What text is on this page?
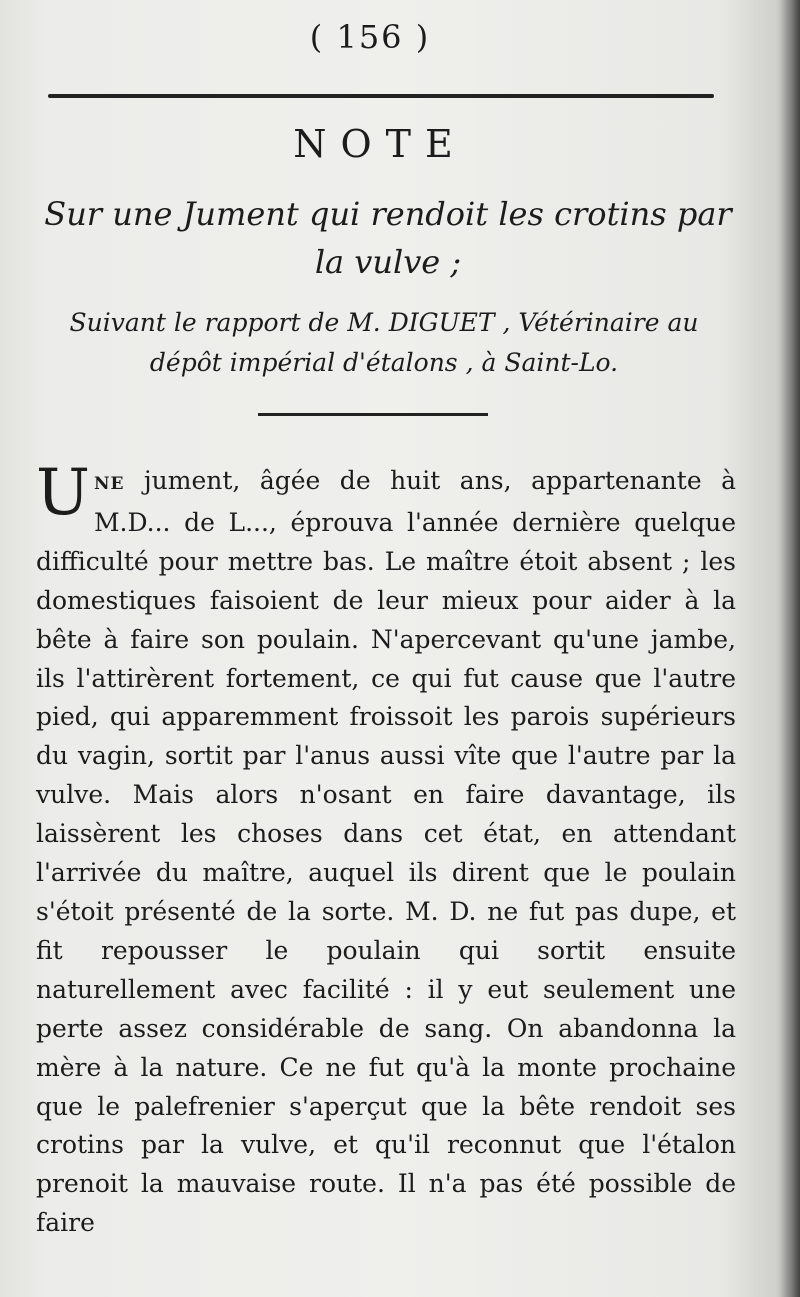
( 156 )
NOTE
Sur une Jument qui rendoit les crotins par
la vulve ;
Suivant le rapport de M. DIGUET , Vétérinaire au
dépôt impérial d'étalons , à Saint-Lo.
UNE jument, âgée de huit ans, appartenante à M.D... de L..., éprouva l'année dernière quelque difficulté pour mettre bas. Le maître étoit absent ; les domestiques faisoient de leur mieux pour aider à la bête à faire son poulain. N'apercevant qu'une jambe, ils l'attirèrent fortement, ce qui fut cause que l'autre pied, qui apparemment froissoit les parois supérieurs du vagin, sortit par l'anus aussi vîte que l'autre par la vulve. Mais alors n'osant en faire davantage, ils laissèrent les choses dans cet état, en attendant l'arrivée du maître, auquel ils dirent que le poulain s'étoit présenté de la sorte. M. D. ne fut pas dupe, et fit repousser le poulain qui sortit ensuite naturellement avec facilité : il y eut seulement une perte assez considérable de sang. On abandonna la mère à la nature. Ce ne fut qu'à la monte prochaine que le palefrenier s'aperçut que la bête rendoit ses crotins par la vulve, et qu'il reconnut que l'étalon prenoit la mauvaise route. Il n'a pas été possible de faire
